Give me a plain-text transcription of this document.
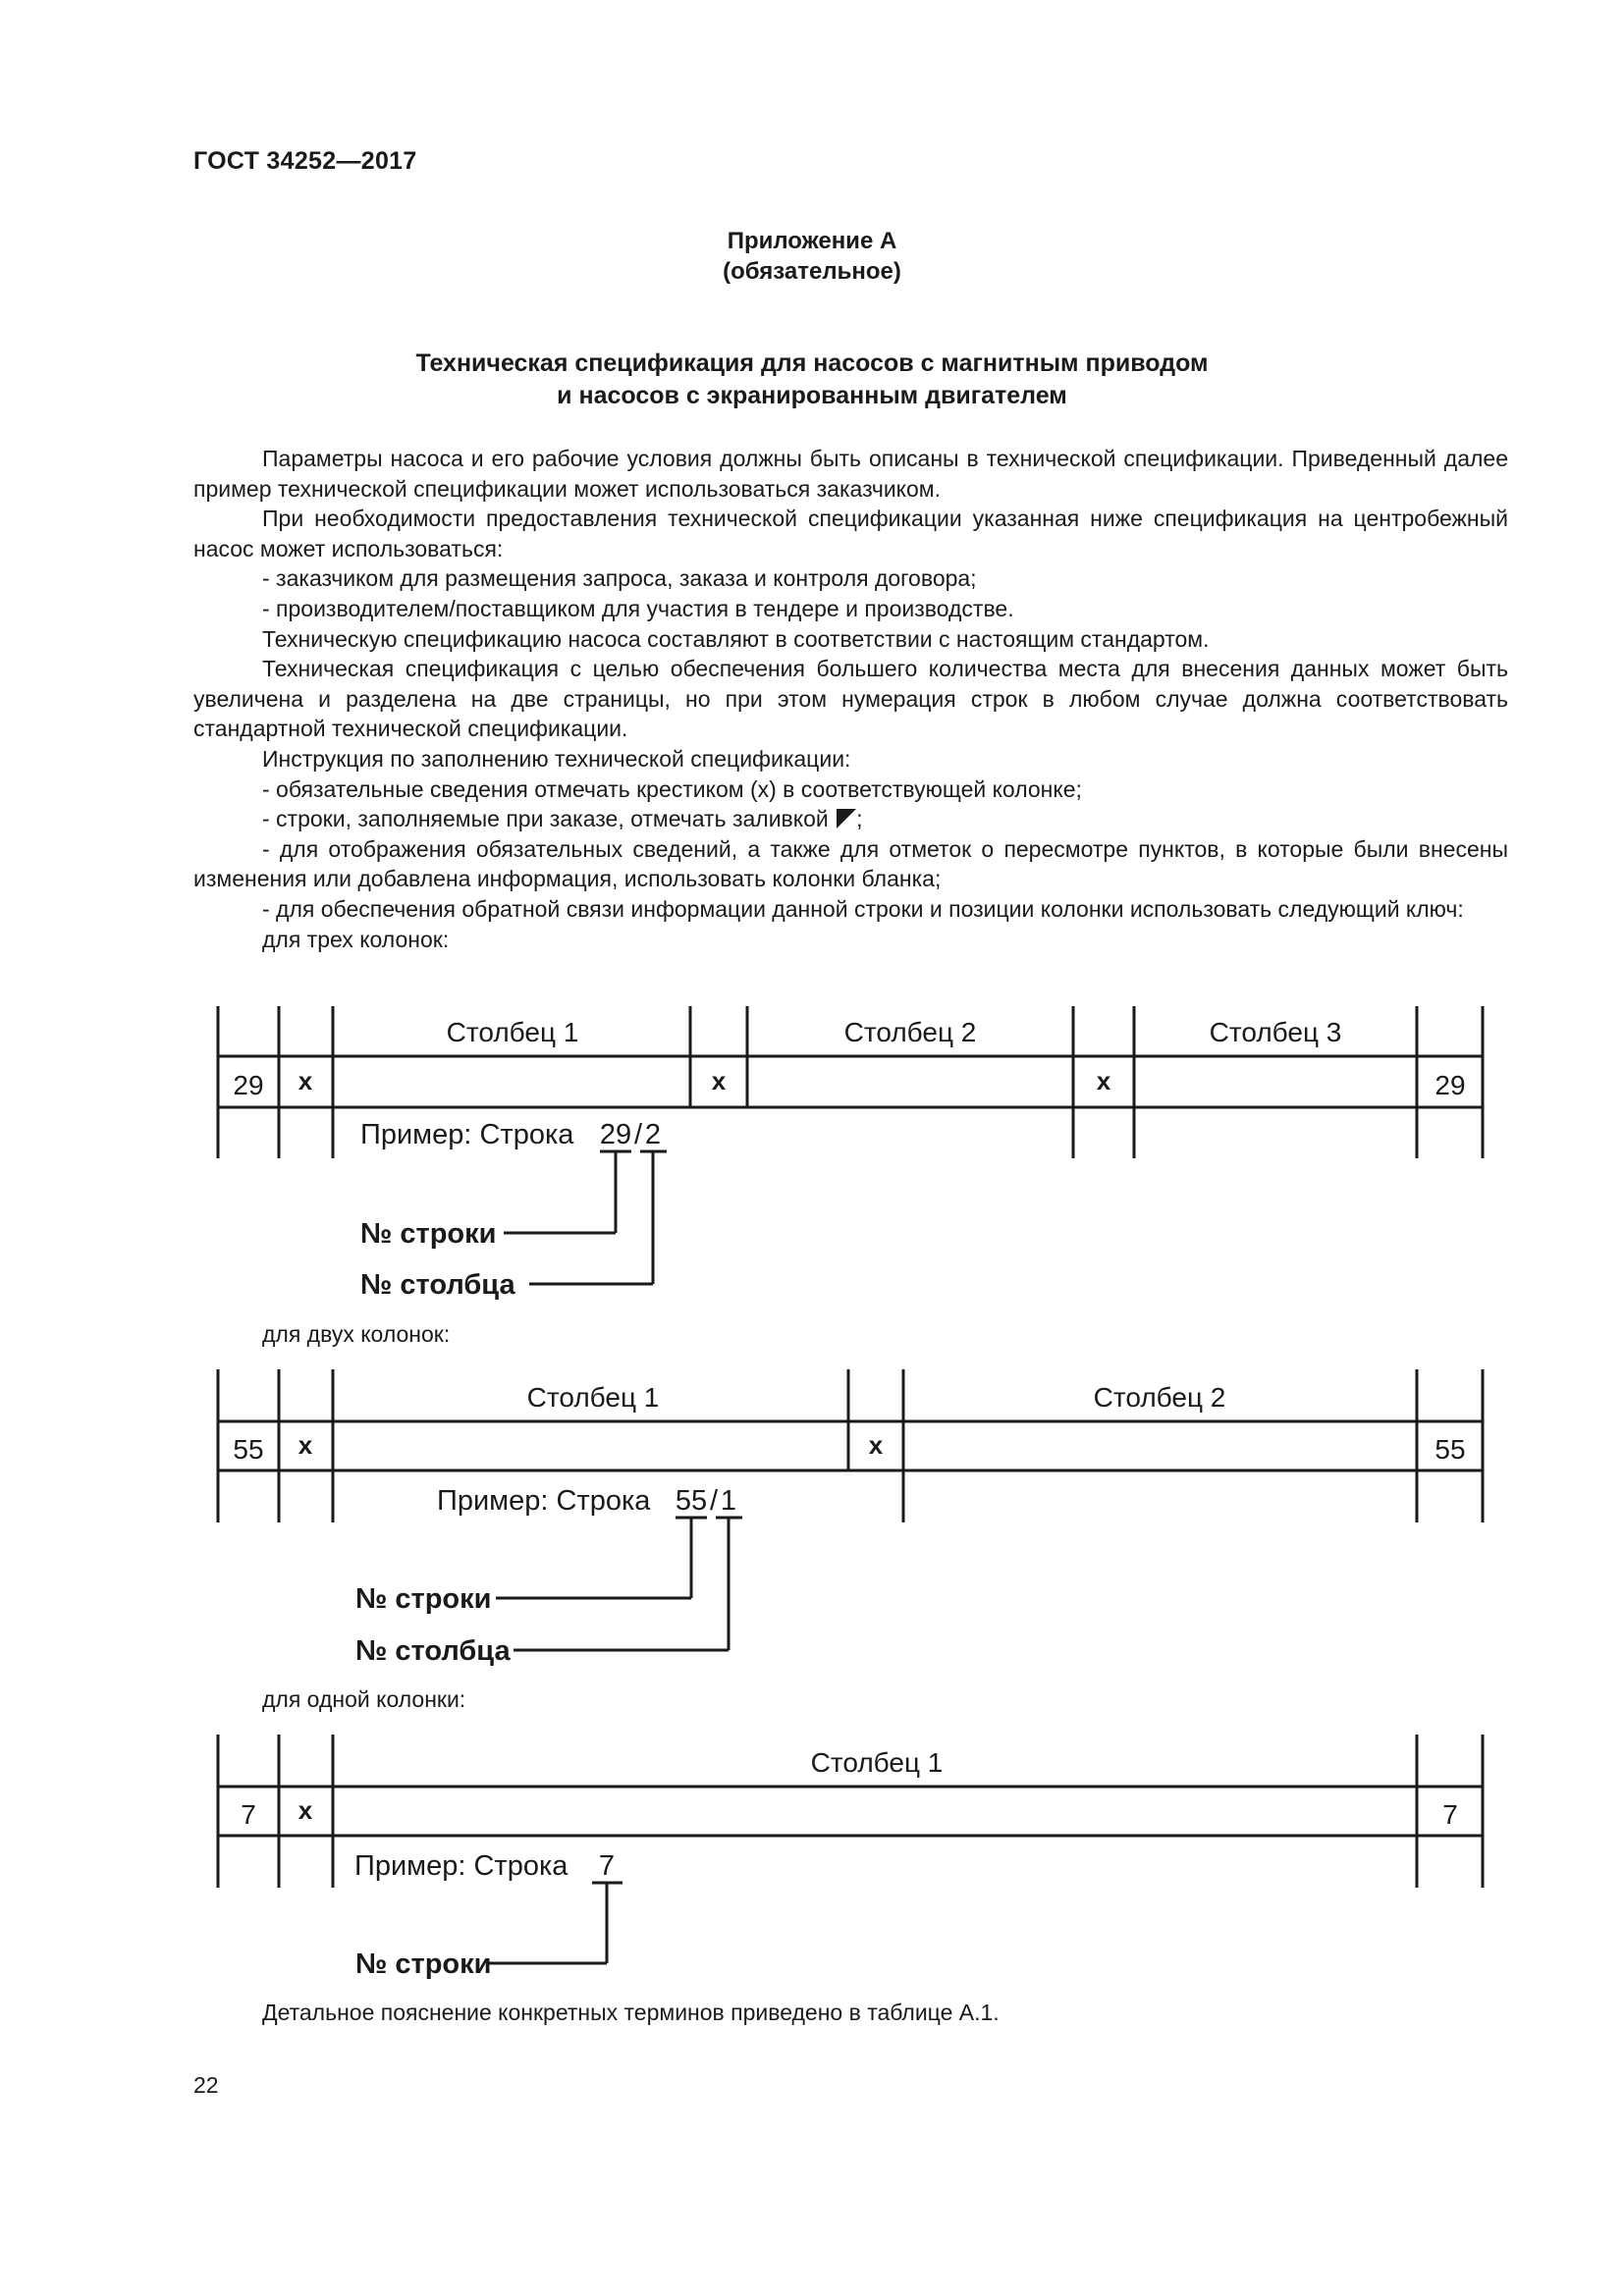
ГОСТ 34252—2017
Приложение А
(обязательное)
Техническая спецификация для насосов с магнитным приводом
и насосов с экранированным двигателем

Параметры насоса и его рабочие условия должны быть описаны в технической спецификации. Приведенный далее пример технической спецификации может использоваться заказчиком.

При необходимости предоставления технической спецификации указанная ниже спецификация на центробежный насос может использоваться:

- заказчиком для размещения запроса, заказа и контроля договора;

- производителем/поставщиком для участия в тендере и производстве.

Техническую спецификацию насоса составляют в соответствии с настоящим стандартом.

Техническая спецификация с целью обеспечения большего количества места для внесения данных может быть увеличена и разделена на две страницы, но при этом нумерация строк в любом случае должна соответствовать стандартной технической спецификации.

Инструкция по заполнению технической спецификации:

- обязательные сведения отмечать крестиком (x) в соответствующей колонке;

- строки, заполняемые при заказе, отмечать заливкой ;

- для отображения обязательных сведений, а также для отметок о пересмотре пунктов, в которые были внесены изменения или добавлена информация, использовать колонки бланка;

- для обеспечения обратной связи информации данной строки и позиции колонки использовать следующий ключ:

для трех колонок:

Столбец 1	Столбец 2	Столбец 3
29 x	x	x	29
Пример: Строка 29 / 2
№ строки
№ столбца
для двух колонок:
Столбец 1	Столбец 2
55 x	x	55
Пример: Строка 55 / 1
№ строки
№ столбца
для одной колонки:
Столбец 1
7 x	7
Пример: Строка 7
№ строки
Детальное пояснение конкретных терминов приведено в таблице А.1.
22
